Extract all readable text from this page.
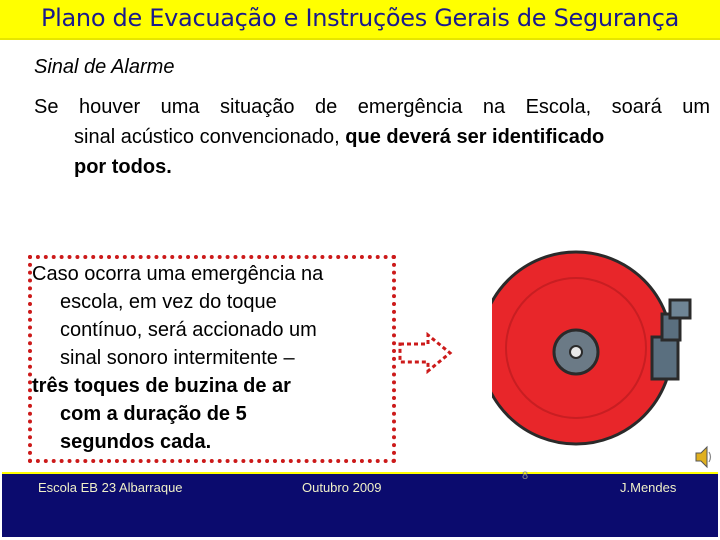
Plano de Evacuação e Instruções Gerais de Segurança
Sinal de Alarme
Se houver uma situação de emergência na Escola, soará um
sinal acústico convencionado, que deverá ser identificado
por todos.
Caso ocorra uma emergência na
escola, em vez do toque
contínuo, será accionado um
sinal sonoro intermitente –
três toques de buzina de ar
com a duração de 5
segundos cada.
Escola EB 23 Albarraque	Outubro 2009
8
J.Mendes
